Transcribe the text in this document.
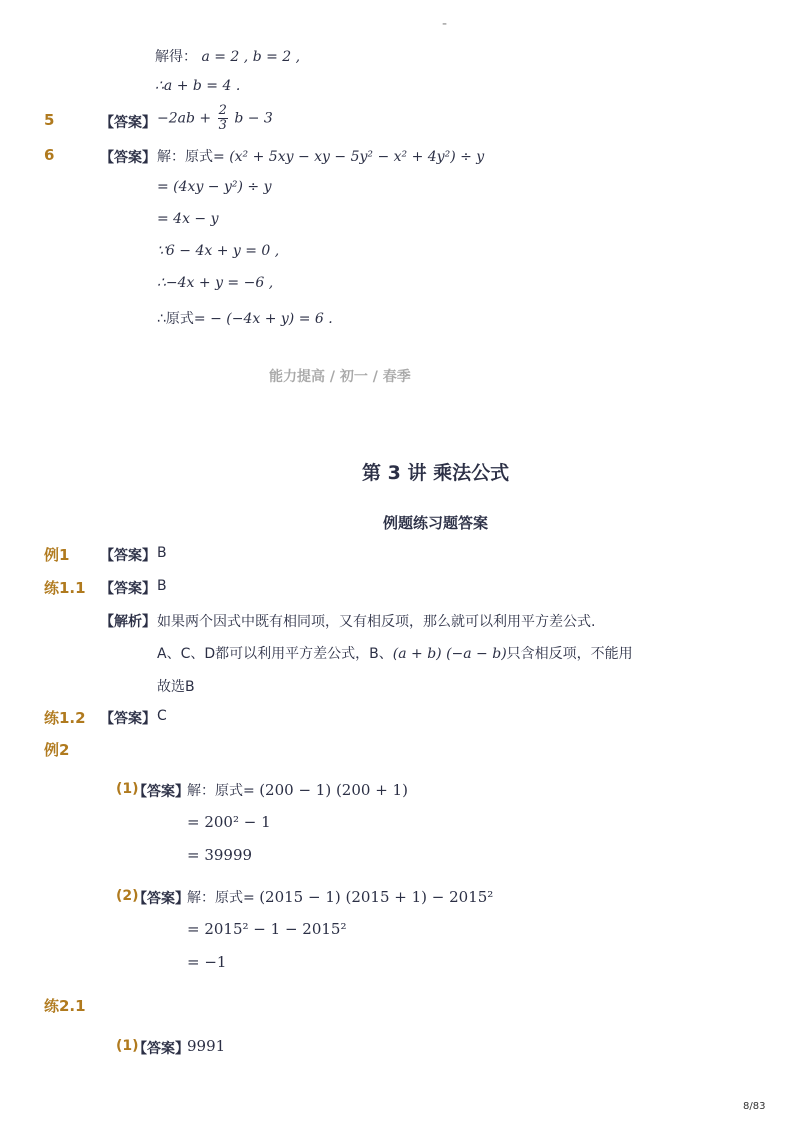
-
解得： a = 2 , b = 2 ,
∴a + b = 4 .
5	【答案】 $-2ab + \frac{2}{3}$ b − 3
6	【答案】 解：原式= (x² + 5xy − xy − 5y² − x² + 4y²) ÷ y
= (4xy − y²) ÷ y
= 4x − y
∵6 − 4x + y = 0 ,
∴−4x + y = −6 ,
∴原式= − (−4x + y) = 6 .
能力提高 / 初一 / 春季
第 3 讲 乘法公式
例题练习题答案
例1 【答案】 B
练1.1 【答案】 B
【解析】 如果两个因式中既有相同项，又有相反项，那么就可以利用平方差公式.
A、C、D都可以利用平方差公式，B、(a + b) (−a − b)只含相反项，不能用
故选B
练1.2 【答案】 C
例2
(1)
【答案】
解：原式= (200 − 1) (200 + 1)
= 200² − 1
= 39999
(2)
【答案】
解：原式= (2015 − 1) (2015 + 1) − 2015²
= 2015² − 1 − 2015²
= −1
练2.1
(1)
【答案】
9991
8/83
